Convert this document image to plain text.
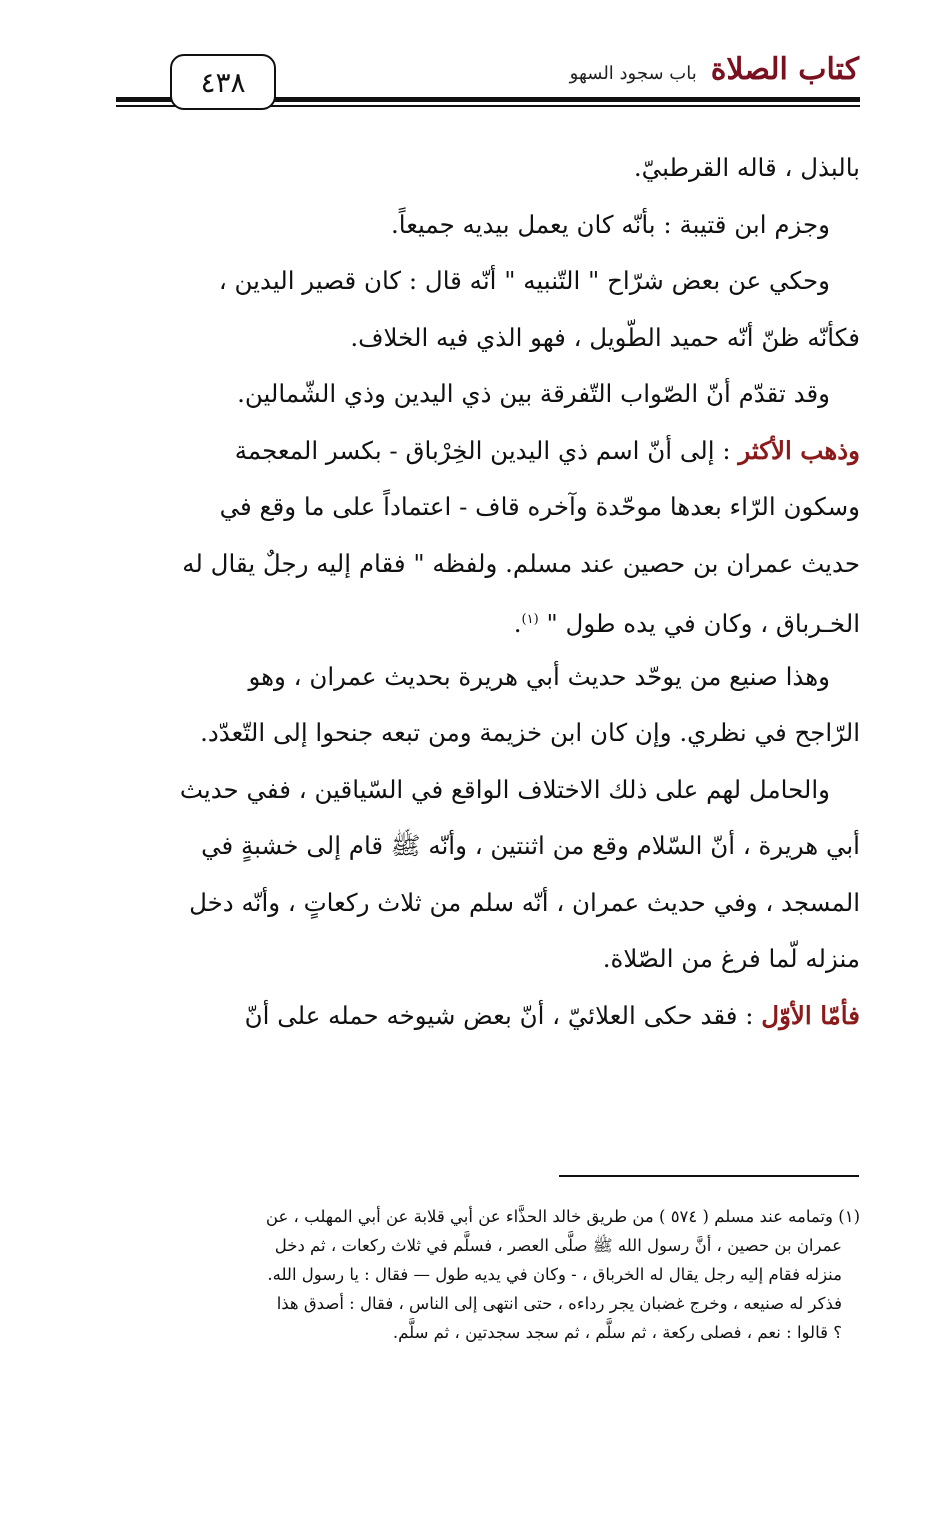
٤٣٨	كتاب الصلاة
باب سجود السهو
بالبذل ، قاله القرطبيّ.
وجزم ابن قتيبة : بأنّه كان يعمل بيديه جميعاً.
وحكي عن بعض شرّاح " التّنبيه " أنّه قال : كان قصير اليدين ،
فكأنّه ظنّ أنّه حميد الطّويل ، فهو الذي فيه الخلاف.
وقد تقدّم أنّ الصّواب التّفرقة بين ذي اليدين وذي الشّمالين.
وذهب الأكثر : إلى أنّ اسم ذي اليدين الخِرْباق - بكسر المعجمة
وسكون الرّاء بعدها موحّدة وآخره قاف - اعتماداً على ما وقع في
حديث عمران بن حصين عند مسلم. ولفظه " فقام إليه رجلٌ يقال له
الخـرباق ، وكان في يده طول " $^{(١)}$.
وهذا صنيع من يوحّد حديث أبي هريرة بحديث عمران ، وهو
الرّاجح في نظري. وإن كان ابن خزيمة ومن تبعه جنحوا إلى التّعدّد.
والحامل لهم على ذلك الاختلاف الواقع في السّياقين ، ففي حديث
أبي هريرة ، أنّ السّلام وقع من اثنتين ، وأنّه ﷺ قام إلى خشبةٍ في
المسجد ، وفي حديث عمران ، أنّه سلم من ثلاث ركعاتٍ ، وأنّه دخل
منزله لّما فرغ من الصّلاة.
فأمّا الأوّل : فقد حكى العلائيّ ، أنّ بعض شيوخه حمله على أنّ
(١) وتمامه عند مسلم ( ٥٧٤ ) من طريق خالد الحذَّاء عن أبي قلابة عن أبي المهلب ، عن
عمران بن حصين ، أنَّ رسول الله ﷺ صلَّى العصر ، فسلَّم في ثلاث ركعات ، ثم دخل
منزله فقام إليه رجل يقال له الخرباق ، - وكان في يديه طول — فقال : يا رسول الله.
فذكر له صنيعه ، وخرج غضبان يجر رداءه ، حتى انتهى إلى الناس ، فقال : أصدق هذا
؟ قالوا : نعم ، فصلى ركعة ، ثم سلَّم ، ثم سجد سجدتين ، ثم سلَّم.
